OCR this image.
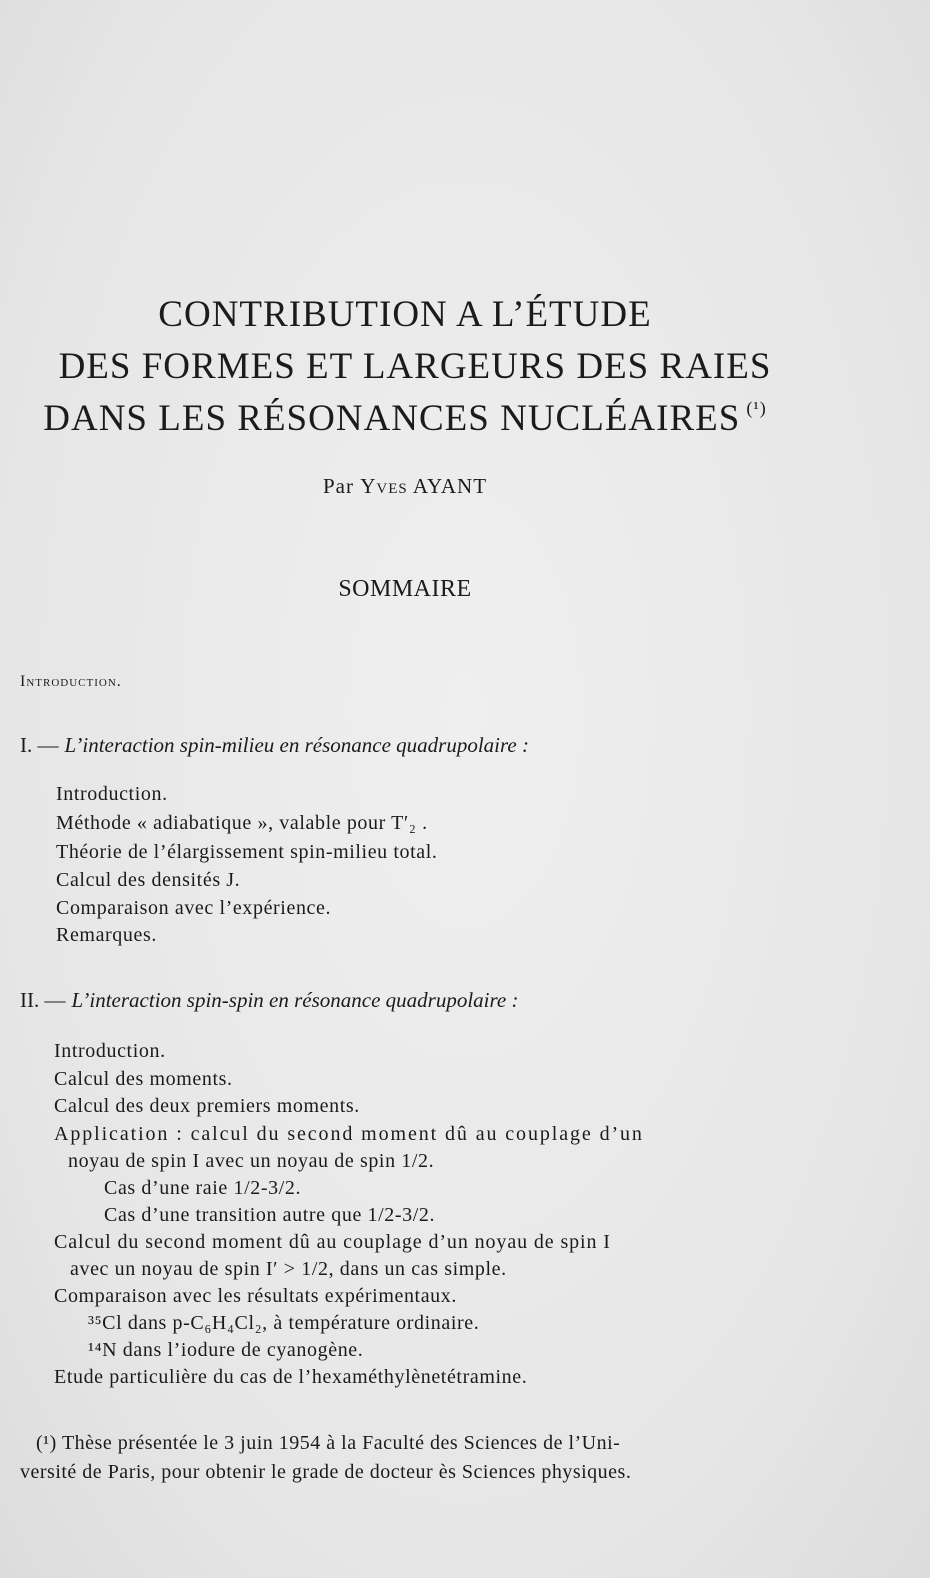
CONTRIBUTION A L’ÉTUDE
DES FORMES ET LARGEURS DES RAIES
DANS LES RÉSONANCES NUCLÉAIRES $^{(^1)}$
Par Yves AYANT
SOMMAIRE
Introduction.
I. — L’interaction spin-milieu en résonance quadrupolaire :
Introduction.
Méthode « adiabatique », valable pour T′₂ .
Théorie de l’élargissement spin-milieu total.
Calcul des densités J.
Comparaison avec l’expérience.
Remarques.
II. — L’interaction spin-spin en résonance quadrupolaire :
Introduction.
Calcul des moments.
Calcul des deux premiers moments.
Application : calcul du second moment dû au couplage d’un
noyau de spin I avec un noyau de spin 1/2.
Cas d’une raie 1/2-3/2.
Cas d’une transition autre que 1/2-3/2.
Calcul du second moment dû au couplage d’un noyau de spin I
avec un noyau de spin I′ > 1/2, dans un cas simple.
Comparaison avec les résultats expérimentaux.
³⁵Cl dans p-C₆H₄Cl₂, à température ordinaire.
¹⁴N dans l’iodure de cyanogène.
Etude particulière du cas de l’hexaméthylènetétramine.
(¹) Thèse présentée le 3 juin 1954 à la Faculté des Sciences de l’Uni-
versité de Paris, pour obtenir le grade de docteur ès Sciences physiques.
